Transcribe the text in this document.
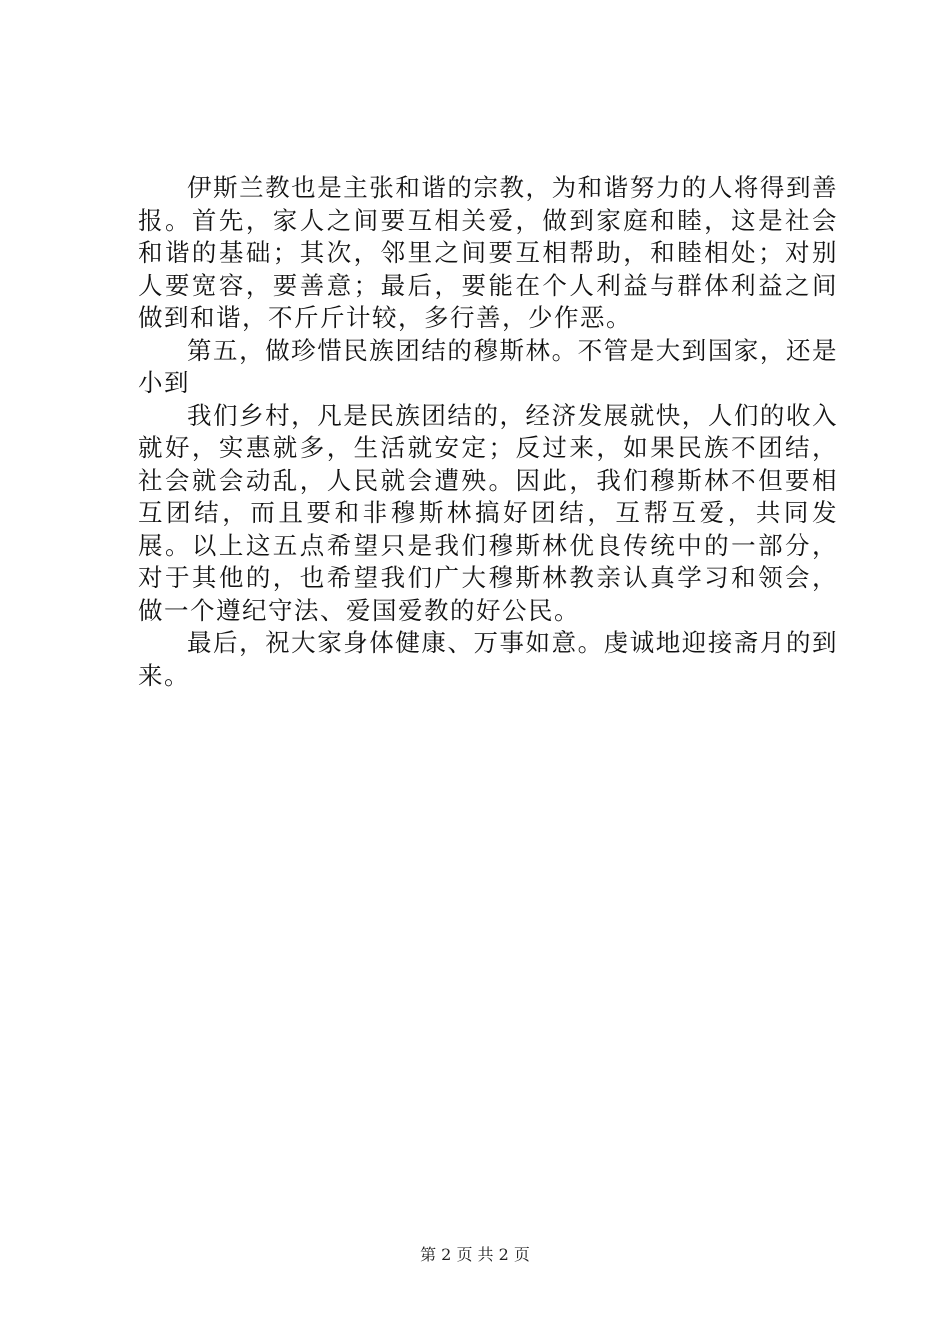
伊斯兰教也是主张和谐的宗教，为和谐努力的人将得到善报。首先，家人之间要互相关爱，做到家庭和睦，这是社会和谐的基础；其次，邻里之间要互相帮助，和睦相处；对别人要宽容，要善意；最后，要能在个人利益与群体利益之间做到和谐，不斤斤计较，多行善，少作恶。

第五，做珍惜民族团结的穆斯林。不管是大到国家，还是小到

我们乡村，凡是民族团结的，经济发展就快，人们的收入就好，实惠就多，生活就安定；反过来，如果民族不团结，社会就会动乱，人民就会遭殃。因此，我们穆斯林不但要相互团结，而且要和非穆斯林搞好团结，互帮互爱，共同发展。以上这五点希望只是我们穆斯林优良传统中的一部分，对于其他的，也希望我们广大穆斯林教亲认真学习和领会，做一个遵纪守法、爱国爱教的好公民。

最后，祝大家身体健康、万事如意。虔诚地迎接斋月的到来。

第 2 页 共 2 页
